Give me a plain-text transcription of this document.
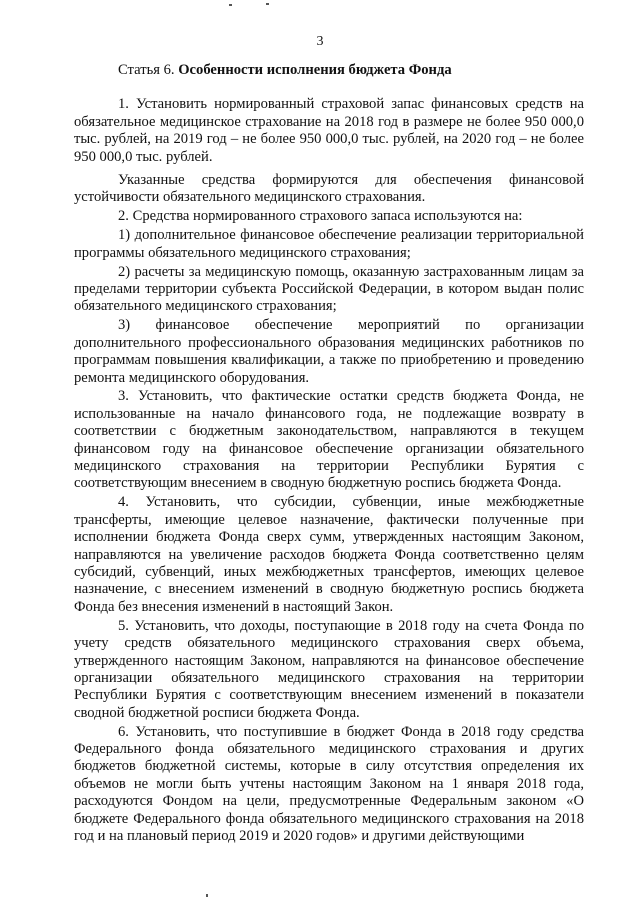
3

Статья 6. Особенности исполнения бюджета Фонда

1. Установить нормированный страховой запас финансовых средств на обязательное медицинское страхование на 2018 год в размере не более 950 000,0 тыс. рублей, на 2019 год – не более 950 000,0 тыс. рублей, на 2020 год – не более 950 000,0 тыс. рублей.

Указанные средства формируются для обеспечения финансовой устойчивости обязательного медицинского страхования.

2. Средства нормированного страхового запаса используются на:

1) дополнительное финансовое обеспечение реализации территориальной программы обязательного медицинского страхования;

2) расчеты за медицинскую помощь, оказанную застрахованным лицам за пределами территории субъекта Российской Федерации, в котором выдан полис обязательного медицинского страхования;

3) финансовое обеспечение мероприятий по организации дополнительного профессионального образования медицинских работников по программам повышения квалификации, а также по приобретению и проведению ремонта медицинского оборудования.

3. Установить, что фактические остатки средств бюджета Фонда, не использованные на начало финансового года, не подлежащие возврату в соответствии с бюджетным законодательством, направляются в текущем финансовом году на финансовое обеспечение организации обязательного медицинского страхования на территории Республики Бурятия с соответствующим внесением в сводную бюджетную роспись бюджета Фонда.

4. Установить, что субсидии, субвенции, иные межбюджетные трансферты, имеющие целевое назначение, фактически полученные при исполнении бюджета Фонда сверх сумм, утвержденных настоящим Законом, направляются на увеличение расходов бюджета Фонда соответственно целям субсидий, субвенций, иных межбюджетных трансфертов, имеющих целевое назначение, с внесением изменений в сводную бюджетную роспись бюджета Фонда без внесения изменений в настоящий Закон.

5. Установить, что доходы, поступающие в 2018 году на счета Фонда по учету средств обязательного медицинского страхования сверх объема, утвержденного настоящим Законом, направляются на финансовое обеспечение организации обязательного медицинского страхования на территории Республики Бурятия с соответствующим внесением изменений в показатели сводной бюджетной росписи бюджета Фонда.

6. Установить, что поступившие в бюджет Фонда в 2018 году средства Федерального фонда обязательного медицинского страхования и других бюджетов бюджетной системы, которые в силу отсутствия определения их объемов не могли быть учтены настоящим Законом на 1 января 2018 года, расходуются Фондом на цели, предусмотренные Федеральным законом «О бюджете Федерального фонда обязательного медицинского страхования на 2018 год и на плановый период 2019 и 2020 годов» и другими действующими
